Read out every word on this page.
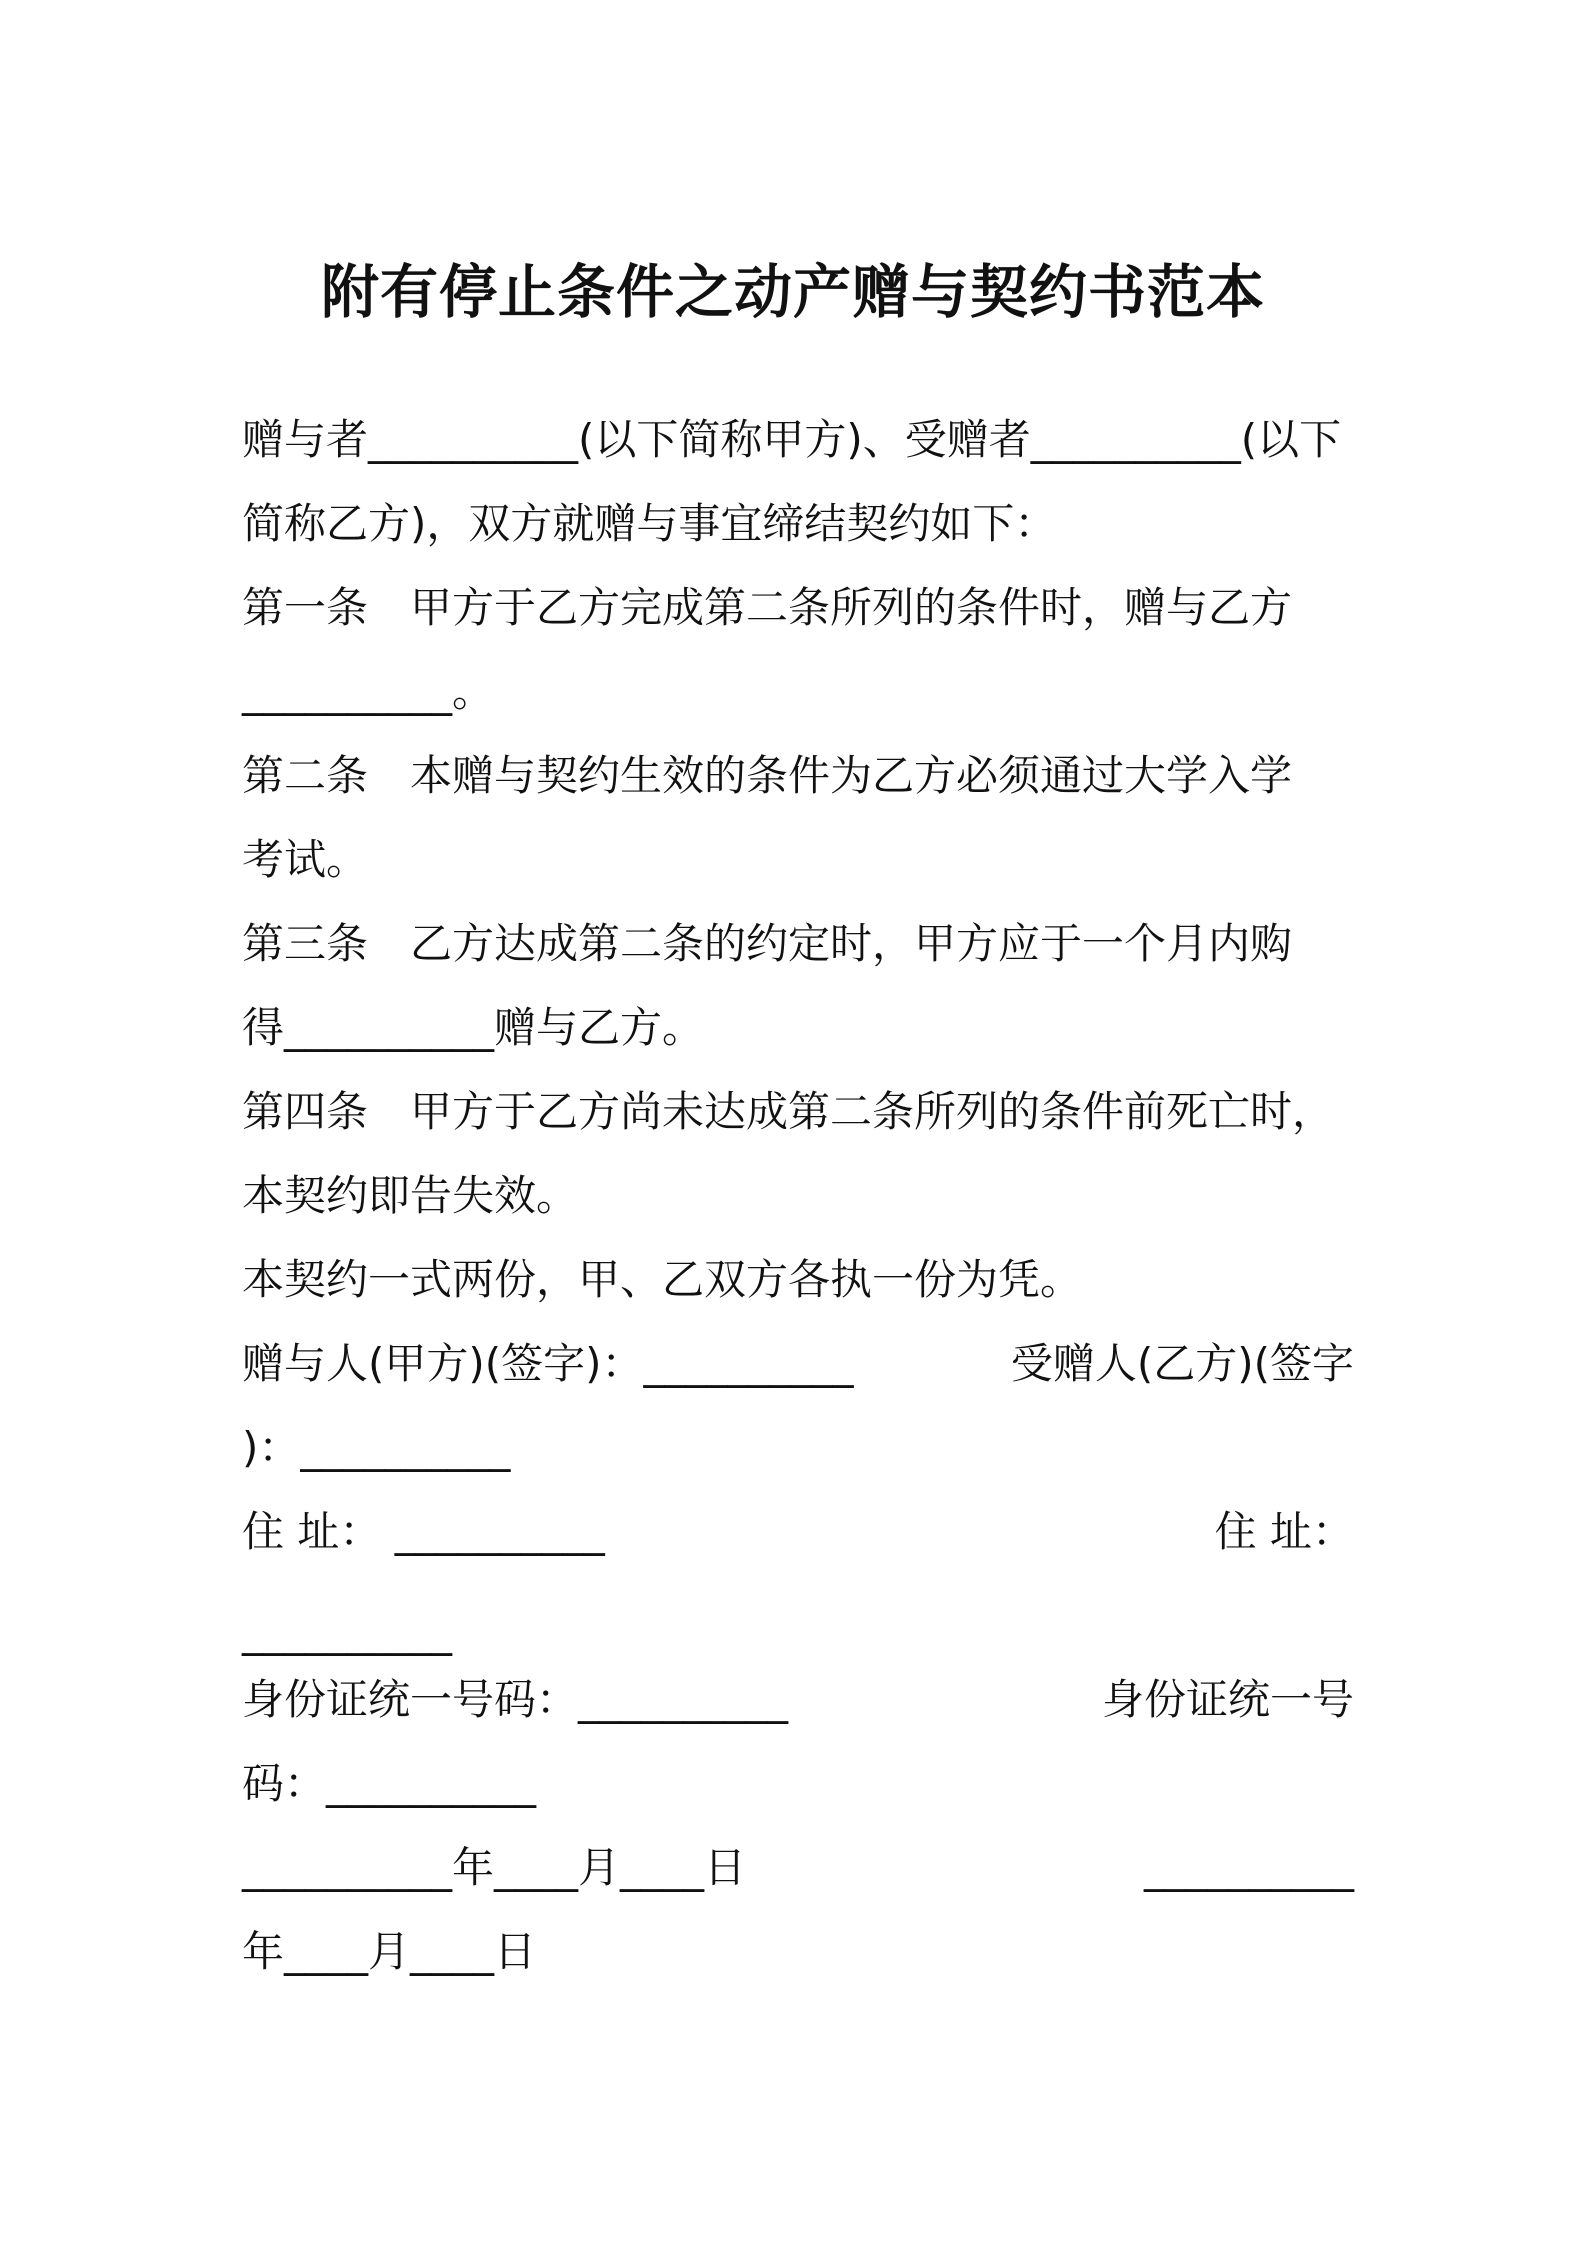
附有停止条件之动产赠与契约书范本
赠与者__________(以下简称甲方)、受赠者__________(以下
简称乙方)，双方就赠与事宜缔结契约如下：
第一条　甲方于乙方完成第二条所列的条件时，赠与乙方
__________。
第二条　本赠与契约生效的条件为乙方必须通过大学入学
考试。
第三条　乙方达成第二条的约定时，甲方应于一个月内购
得__________赠与乙方。
第四条　甲方于乙方尚未达成第二条所列的条件前死亡时，
本契约即告失效。
本契约一式两份，甲、乙双方各执一份为凭。
赠与人(甲方)(签字)：__________	受赠人(乙方)(签字
)：__________
住 址： __________	住 址：
__________
身份证统一号码：__________	身份证统一号
码：__________
__________年____月____日	__________
年____月____日
